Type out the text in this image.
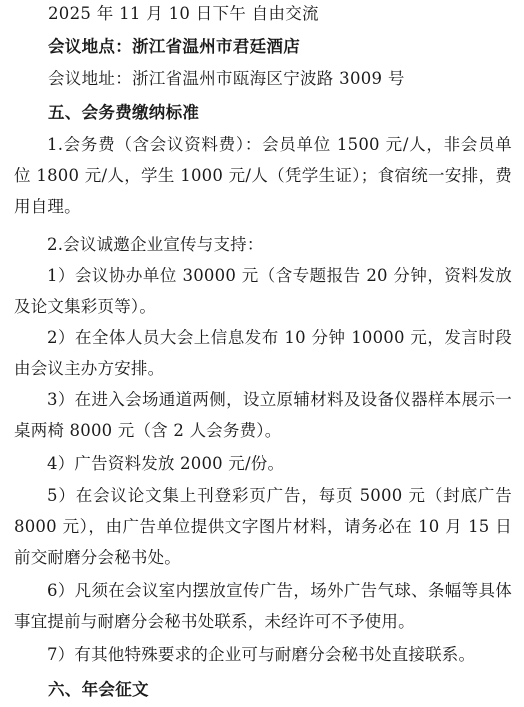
2025 年 11 月 10 日下午 自由交流
会议地点：浙江省温州市君廷酒店
会议地址：浙江省温州市瓯海区宁波路 3009 号
五、会务费缴纳标准
1.会务费（含会议资料费）：会员单位 1500 元/人，非会员单位 1800 元/人，学生 1000 元/人（凭学生证）；食宿统一安排，费用自理。
2.会议诚邀企业宣传与支持：
1）会议协办单位 30000 元（含专题报告 20 分钟，资料发放及论文集彩页等）。
2）在全体人员大会上信息发布 10 分钟 10000 元，发言时段由会议主办方安排。
3）在进入会场通道两侧，设立原辅材料及设备仪器样本展示一桌两椅 8000 元（含 2 人会务费）。
4）广告资料发放 2000 元/份。
5）在会议论文集上刊登彩页广告，每页 5000 元（封底广告 8000 元），由广告单位提供文字图片材料，请务必在 10 月 15 日前交耐磨分会秘书处。
6）凡须在会议室内摆放宣传广告，场外广告气球、条幅等具体事宜提前与耐磨分会秘书处联系，未经许可不予使用。
7）有其他特殊要求的企业可与耐磨分会秘书处直接联系。
六、年会征文
